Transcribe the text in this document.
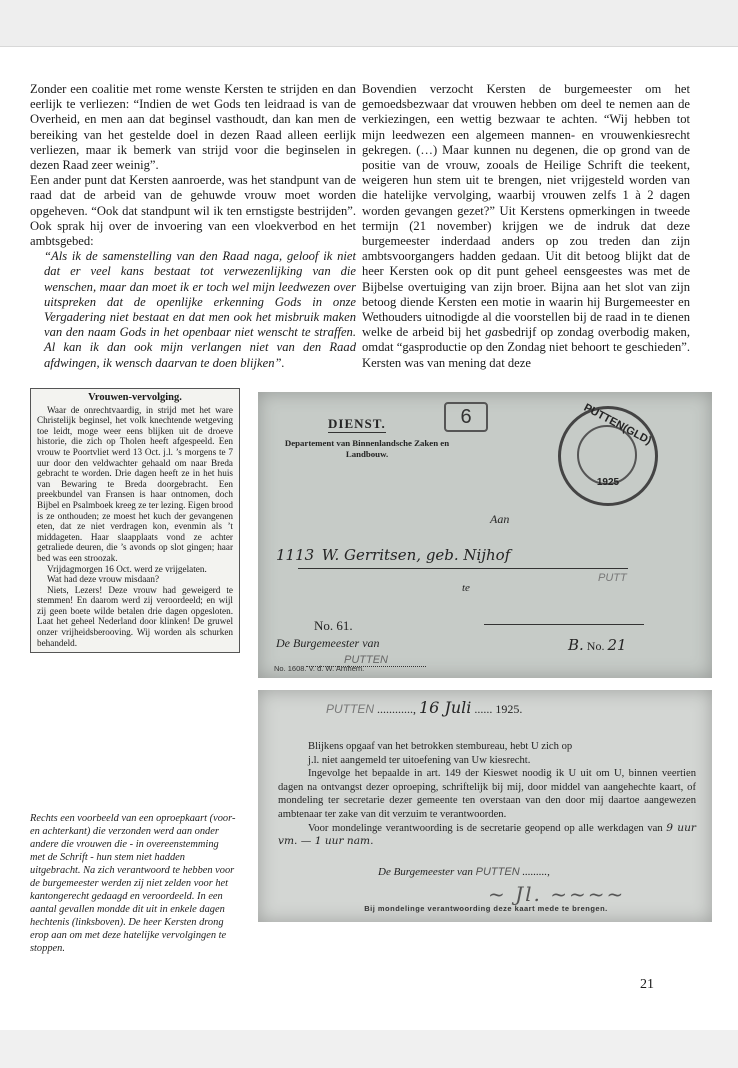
Zonder een coalitie met rome wenste Kersten te strijden en dan eerlijk te verliezen: “Indien de wet Gods ten leidraad is van de Overheid, en men aan dat beginsel vasthoudt, dan kan men de bereiking van het gestelde doel in dezen Raad alleen eerlijk verliezen, maar ik bemerk van strijd voor die beginselen in dezen Raad zeer weinig”.

Een ander punt dat Kersten aanroerde, was het standpunt van de raad dat de arbeid van de gehuwde vrouw moet worden opgeheven. “Ook dat standpunt wil ik ten ernstigste bestrijden”. Ook sprak hij over de invoering van een vloekverbod en het ambtsgebed:

“Als ik de samenstelling van den Raad naga, geloof ik niet dat er veel kans bestaat tot verwezenlijking van die wenschen, maar dan moet ik er toch wel mijn leedwezen over uitspreken dat de openlijke erkenning Gods in onze Vergadering niet bestaat en dat men ook het misbruik maken van den naam Gods in het openbaar niet wenscht te straffen. Al kan ik dan ook mijn verlangen niet van den Raad afdwingen, ik wensch daarvan te doen blijken”.

Bovendien verzocht Kersten de burgemeester om het gemoedsbezwaar dat vrouwen hebben om deel te nemen aan de verkiezingen, een wettig bezwaar te achten. “Wij hebben tot mijn leedwezen een algemeen mannen- en vrouwenkiesrecht gekregen. (…) Maar kunnen nu degenen, die op grond van de positie van de vrouw, zooals de Heilige Schrift die teekent, weigeren hun stem uit te brengen, niet vrijgesteld worden van die hatelijke vervolging, waarbij vrouwen zelfs 1 à 2 dagen worden gevangen gezet?” Uit Kerstens opmerkingen in tweede termijn (21 november) krijgen we de indruk dat deze burgemeester inderdaad anders op zou treden dan zijn ambtsvoorgangers hadden gedaan. Uit dit betoog blijkt dat de heer Kersten ook op dit punt geheel eensgeestes was met de Bijbelse overtuiging van zijn broer. Bijna aan het slot van zijn betoog diende Kersten een motie in waarin hij Burgemeester en Wethouders uitnodigde al die voorstellen bij de raad in te dienen welke de arbeid bij het gasbedrijf op zondag overbodig maken, omdat “gasproductie op den Zondag niet behoort te geschieden”. Kersten was van mening dat deze

Vrouwen-vervolging.

Waar de onrechtvaardig, in strijd met het ware Christelijk beginsel, het volk knechtende wetgeving toe leidt, moge weer eens blijken uit de droeve historie, die zich op Tholen heeft afgespeeld. Een vrouw te Poortvliet werd 13 Oct. j.l. ’s morgens te 7 uur door den veldwachter gehaald om naar Breda gebracht te worden. Drie dagen heeft ze in het huis van Bewaring te Breda doorgebracht. Een preekbundel van Fransen is haar ontnomen, doch Bijbel en Psalmboek kreeg ze ter lezing. Eigen brood is ze onthouden; ze moest het kuch der gevangenen eten, dat ze niet verdragen kon, evenmin als ’t middageten. Haar slaapplaats vond ze achter getraliede deuren, die ’s avonds op slot gingen; haar bed was een stroozak.

Vrijdagmorgen 16 Oct. werd ze vrijgelaten.

Wat had deze vrouw misdaan?

Niets, Lezers! Deze vrouw had geweigerd te stemmen! En daarom werd zij veroordeeld; en wijl zij geen boete wilde betalen drie dagen opgesloten. Laat het geheel Nederland door klinken! De gruwel onzer vrijheidsberooving. Wij worden als schurken behandeld.

Rechts een voorbeeld van een oproepkaart (voor- en achterkant) die verzonden werd aan onder andere die vrouwen die - in overeenstemming met de Schrift - hun stem niet hadden uitgebracht. Na zich verantwoord te hebben voor de burgemeester werden zij niet zelden voor het kantongerecht gedaagd en veroordeeld. In een aantal gevallen mondde dit uit in enkele dagen hechtenis (linksboven). De heer Kersten drong erop aan om met deze hatelijke vervolgingen te stoppen.
6
DIENST.
Departement van Binnenlandsche Zaken en Landbouw.
PUTTEN(GLD)
1925
Aan
1113 W. Gerritsen, geb. Nijhof
te
PUTT
No. 61.
De Burgemeester van
PUTTEN
B. No. 21
No. 1608. V. d. W. Arnhem.
PUTTEN ............, 16 Juli ...... 1925.

Blijkens opgaaf van het betrokken stembureau, hebt U zich op

j.l. niet aangemeld ter uitoefening van Uw kiesrecht.

Ingevolge het bepaalde in art. 149 der Kieswet noodig ik U uit om U, binnen veertien dagen na ontvangst dezer oproeping, schriftelijk bij mij, door middel van aangehechte kaart, of mondeling ter secretarie dezer gemeente ten overstaan van den door mij daartoe aangewezen ambtenaar ter zake van dit verzuim te verantwoorden.

Voor mondelinge verantwoording is de secretarie geopend op alle werkdagen van 9 uur vm. — 1 uur nam.

De Burgemeester van PUTTEN .........,
~ Jl. ~~~~
Bij mondelinge verantwoording deze kaart mede te brengen.
21
